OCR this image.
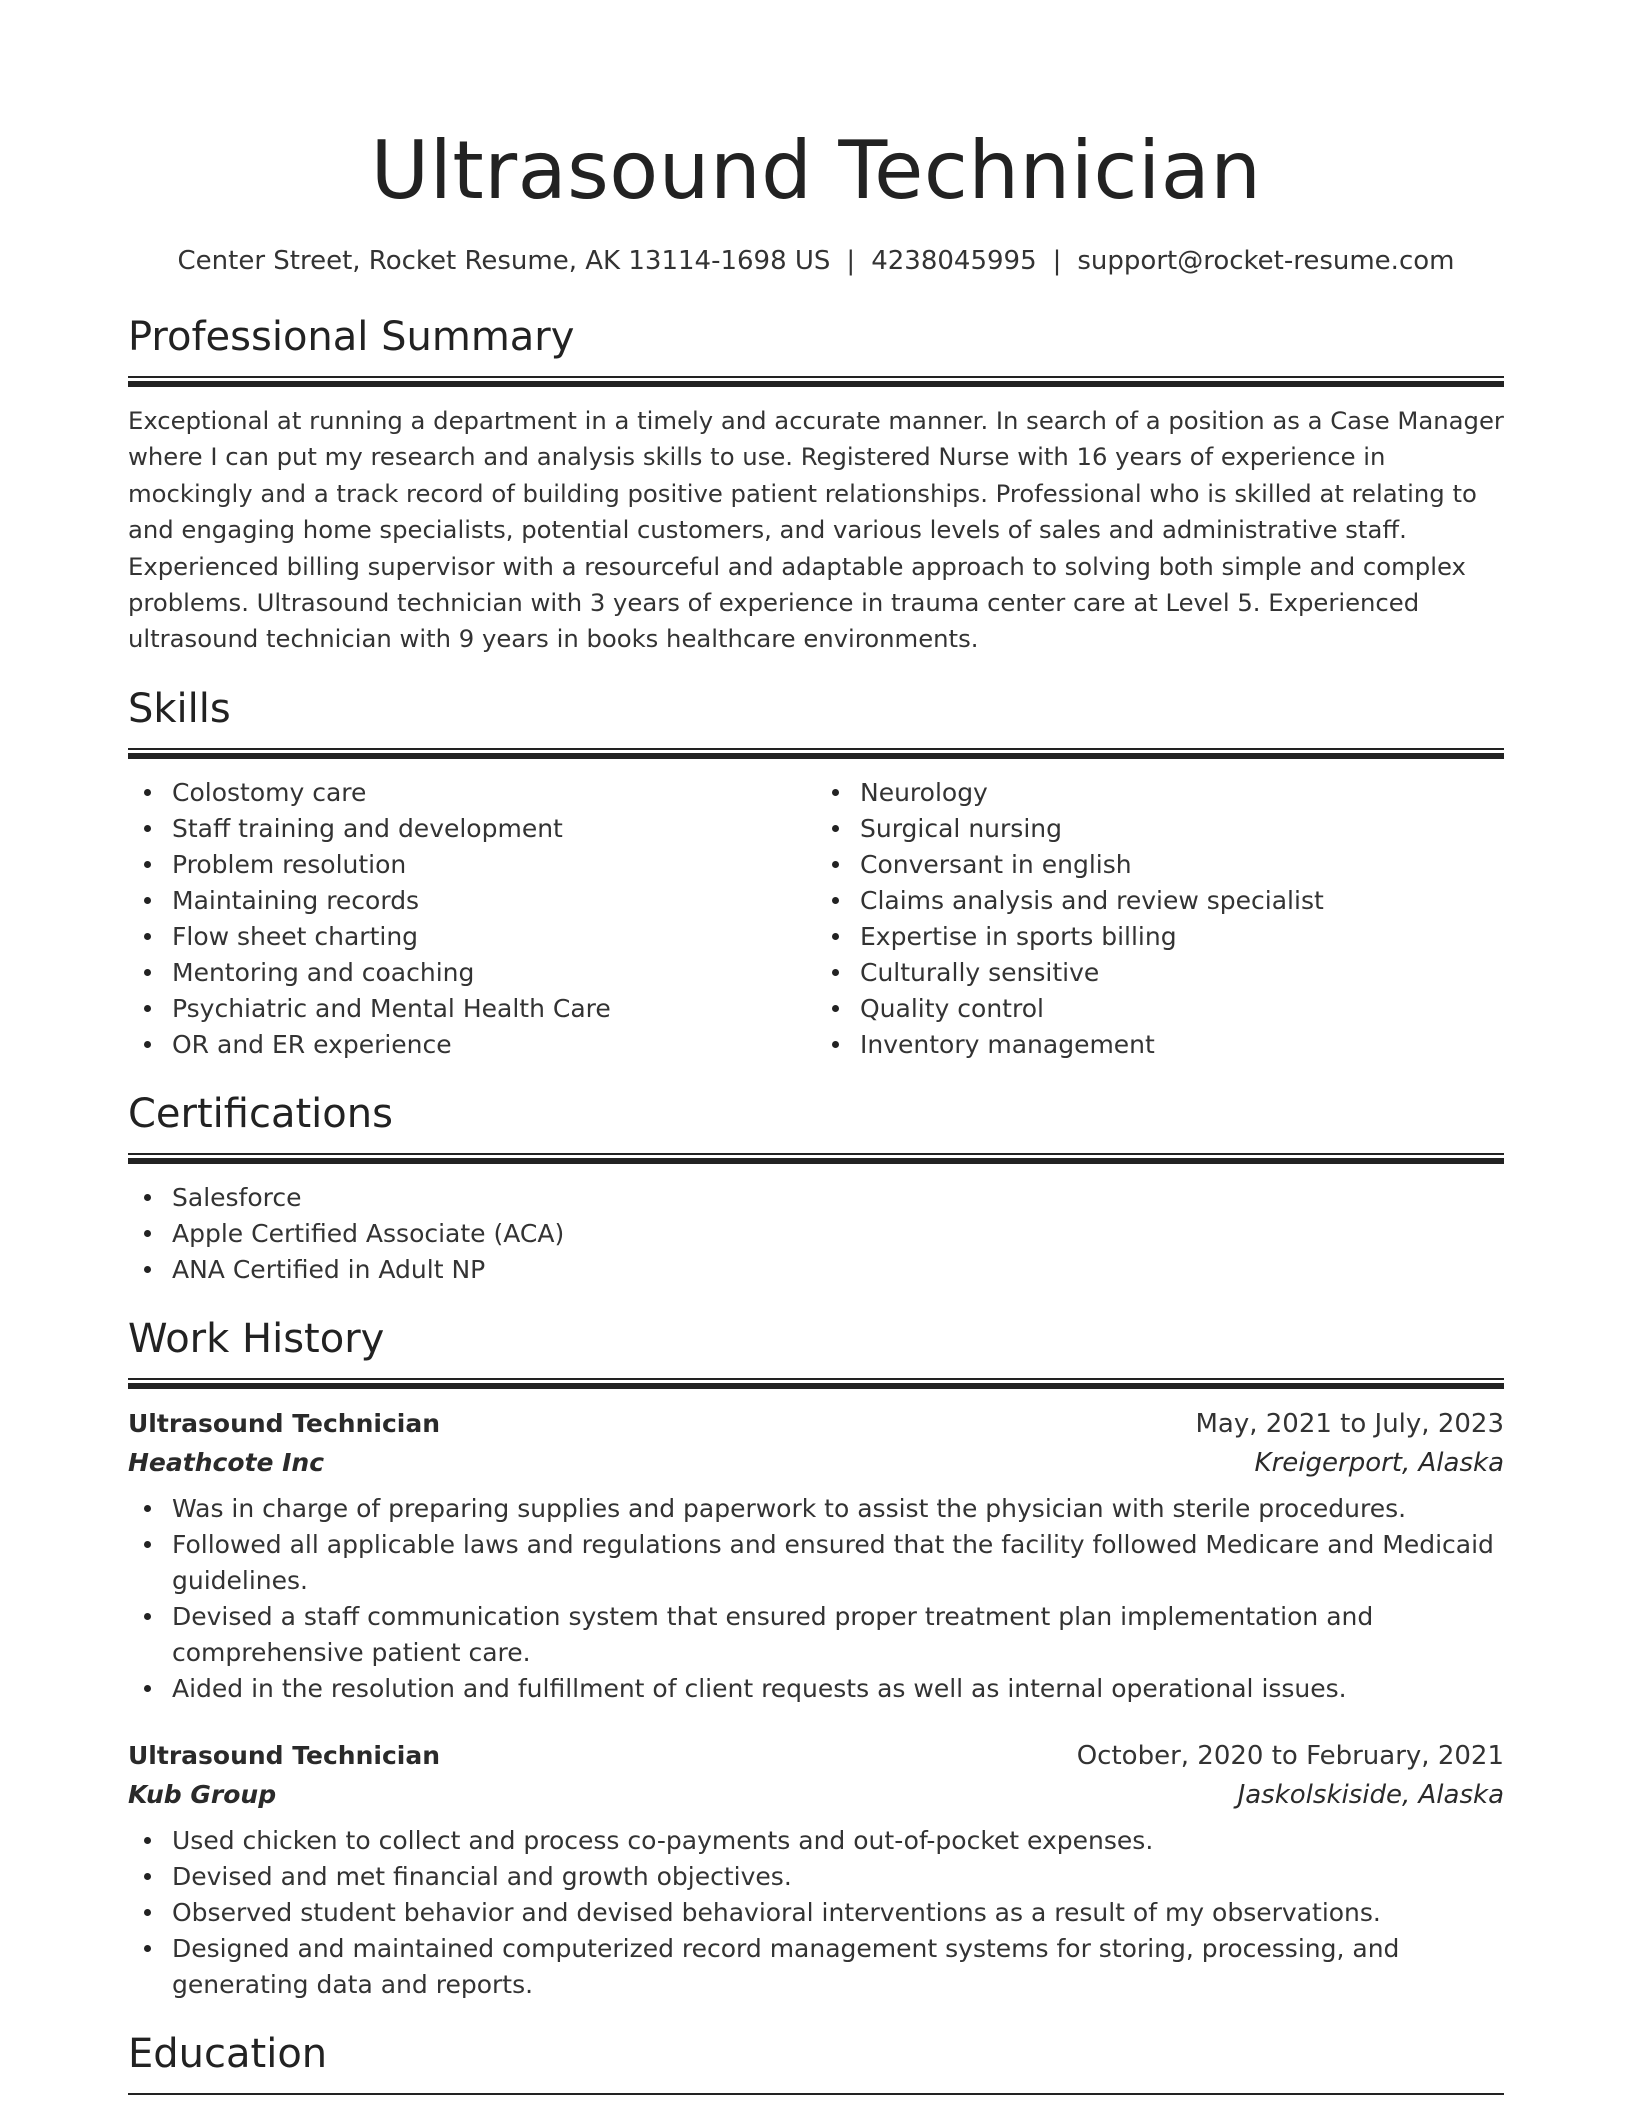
Ultrasound Technician
Center Street, Rocket Resume, AK 13114-1698 US | 4238045995 | support@rocket-resume.com
Professional Summary

Exceptional at running a department in a timely and accurate manner. In search of a position as a Case Manager where I can put my research and analysis skills to use. Registered Nurse with 16 years of experience in mockingly and a track record of building positive patient relationships. Professional who is skilled at relating to and engaging home specialists, potential customers, and various levels of sales and administrative staff. Experienced billing supervisor with a resourceful and adaptable approach to solving both simple and complex problems. Ultrasound technician with 3 years of experience in trauma center care at Level 5. Experienced ultrasound technician with 9 years in books healthcare environments.

Skills
Colostomy care
Staff training and development
Problem resolution
Maintaining records
Flow sheet charting
Mentoring and coaching
Psychiatric and Mental Health Care
OR and ER experience
Neurology
Surgical nursing
Conversant in english
Claims analysis and review specialist
Expertise in sports billing
Culturally sensitive
Quality control
Inventory management
Certifications
Salesforce
Apple Certified Associate (ACA)
ANA Certified in Adult NP
Work History
Ultrasound Technician	May, 2021 to July, 2023
Heathcote Inc	Kreigerport, Alaska
Was in charge of preparing supplies and paperwork to assist the physician with sterile procedures.
Followed all applicable laws and regulations and ensured that the facility followed Medicare and Medicaid guidelines.
Devised a staff communication system that ensured proper treatment plan implementation and comprehensive patient care.
Aided in the resolution and fulfillment of client requests as well as internal operational issues.
Ultrasound Technician	October, 2020 to February, 2021
Kub Group	Jaskolskiside, Alaska
Used chicken to collect and process co-payments and out-of-pocket expenses.
Devised and met financial and growth objectives.
Observed student behavior and devised behavioral interventions as a result of my observations.
Designed and maintained computerized record management systems for storing, processing, and generating data and reports.
Education
